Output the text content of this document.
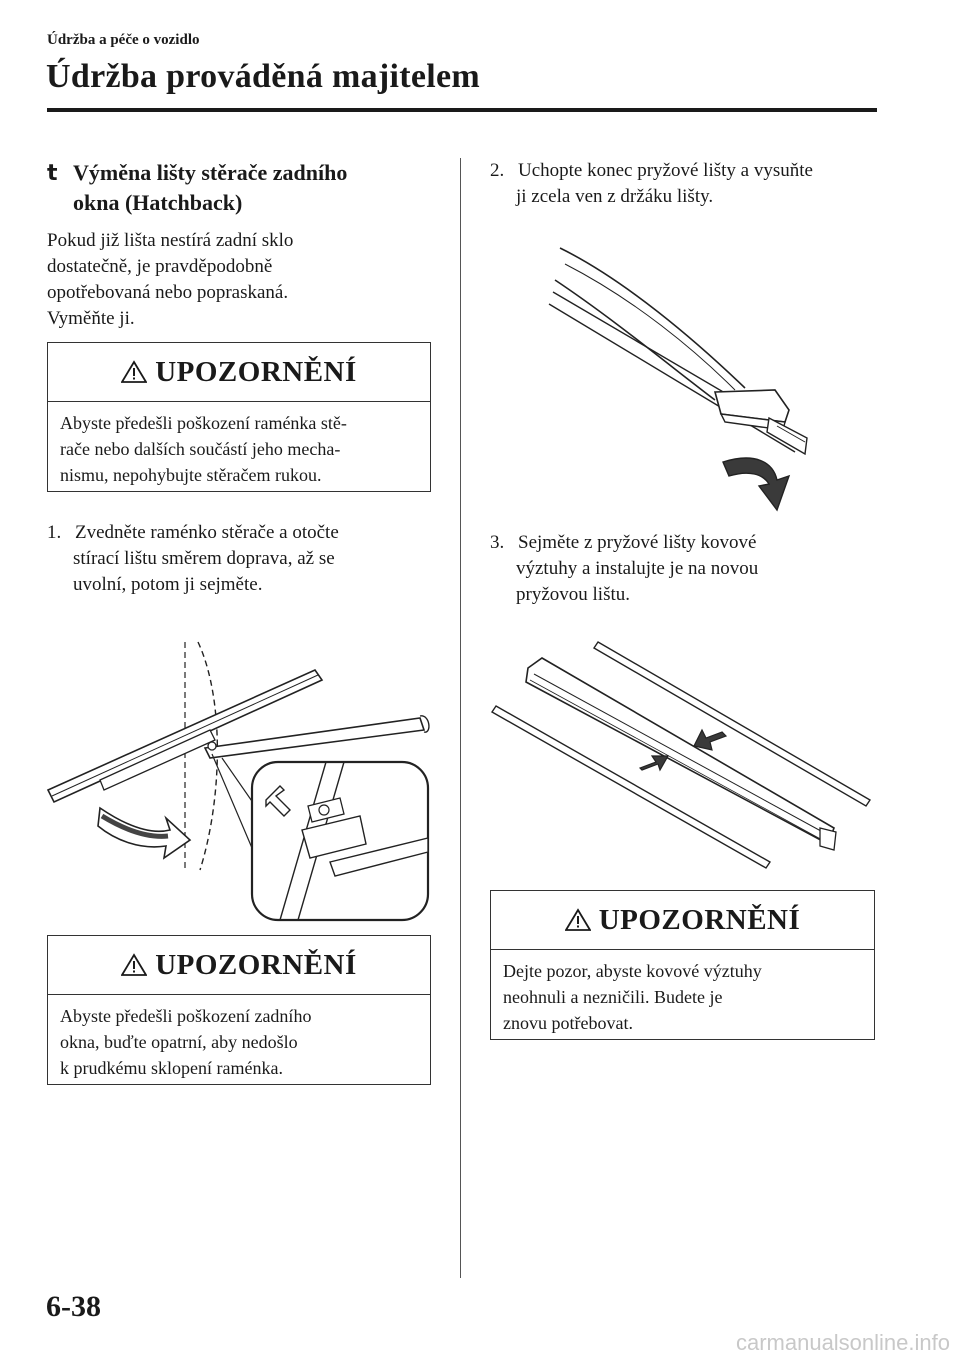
Údržba a péče o vozidlo
Údržba prováděná majitelem
t Výměna lišty stěrače zadního
okna (Hatchback)
Pokud již lišta nestírá zadní sklo
dostatečně, je pravděpodobně
opotřebovaná nebo popraskaná.
Vyměňte ji.
UPOZORNĚNÍ
Abyste předešli poškození raménka stě-
rače nebo dalších součástí jeho mecha-
nismu, nepohybujte stěračem rukou.
1. Zvedněte raménko stěrače a otočte
stírací lištu směrem doprava, až se
uvolní, potom ji sejměte.
UPOZORNĚNÍ
Abyste předešli poškození zadního
okna, buďte opatrní, aby nedošlo
k prudkému sklopení raménka.
2. Uchopte konec pryžové lišty a vysuňte
ji zcela ven z držáku lišty.
3. Sejměte z pryžové lišty kovové
výztuhy a instalujte je na novou
pryžovou lištu.
UPOZORNĚNÍ
Dejte pozor, abyste kovové výztuhy
neohnuli a nezničili. Budete je
znovu potřebovat.
6-38
carmanualsonline.info
